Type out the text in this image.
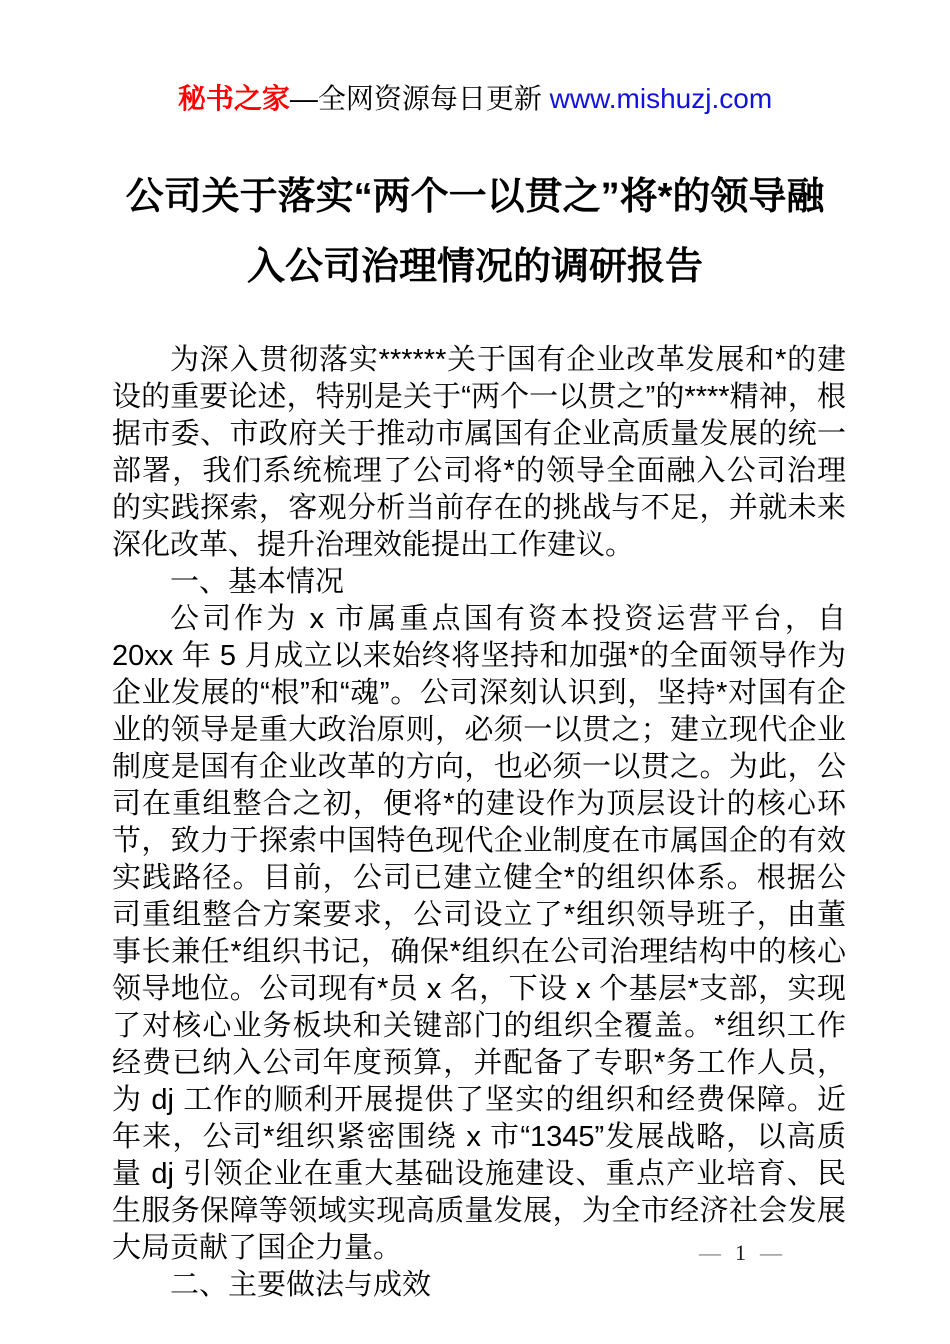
秘书之家—全网资源每日更新 www.mishuzj.com
公司关于落实“两个一以贯之”将*的领导融
入公司治理情况的调研报告

为深入贯彻落实******关于国有企业改革发展和*的建设的重要论述，特别是关于“两个一以贯之”的****精神，根据市委、市政府关于推动市属国有企业高质量发展的统一部署，我们系统梳理了公司将*的领导全面融入公司治理的实践探索，客观分析当前存在的挑战与不足，并就未来深化改革、提升治理效能提出工作建议。

一、基本情况

公司作为 x 市属重点国有资本投资运营平台，自 20xx 年 5 月成立以来始终将坚持和加强*的全面领导作为企业发展的“根”和“魂”。公司深刻认识到，坚持*对国有企业的领导是重大政治原则，必须一以贯之；建立现代企业制度是国有企业改革的方向，也必须一以贯之。为此，公司在重组整合之初，便将*的建设作为顶层设计的核心环节，致力于探索中国特色现代企业制度在市属国企的有效实践路径。目前，公司已建立健全*的组织体系。根据公司重组整合方案要求，公司设立了*组织领导班子，由董事长兼任*组织书记，确保*组织在公司治理结构中的核心领导地位。公司现有*员 x 名，下设 x 个基层*支部，实现了对核心业务板块和关键部门的组织全覆盖。*组织工作经费已纳入公司年度预算，并配备了专职*务工作人员，为 dj 工作的顺利开展提供了坚实的组织和经费保障。近年来，公司*组织紧密围绕 x 市“1345”发展战略，以高质量 dj 引领企业在重大基础设施建设、重点产业培育、民生服务保障等领域实现高质量发展，为全市经济社会发展大局贡献了国企力量。

二、主要做法与成效
— 1 —
